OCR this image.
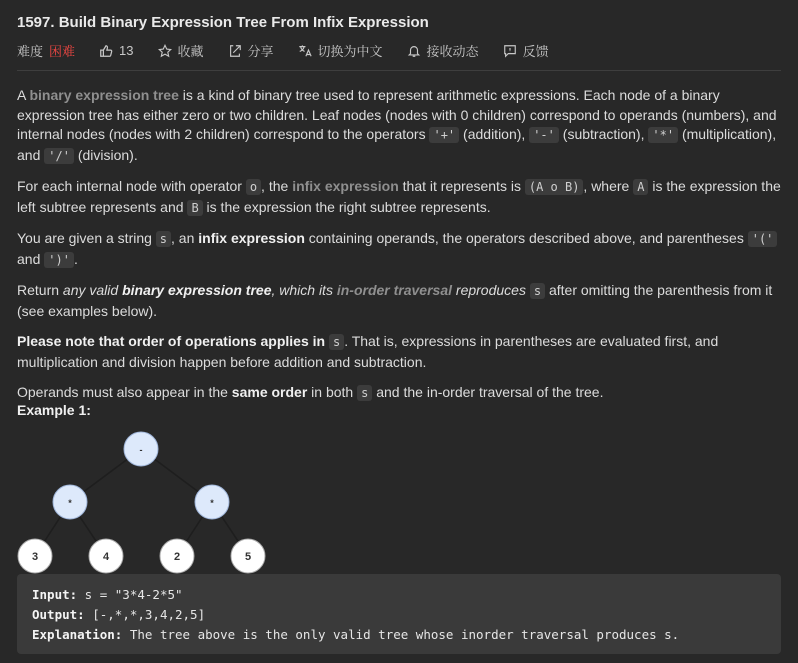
1597. Build Binary Expression Tree From Infix Expression
难度 困难	13	收藏	分享	切换为中文	接收动态	反馈

A binary expression tree is a kind of binary tree used to represent arithmetic expressions. Each node of a binary expression tree has either zero or two children. Leaf nodes (nodes with 0 children) correspond to operands (numbers), and internal nodes (nodes with 2 children) correspond to the operators '+' (addition), '-' (subtraction), '*' (multiplication), and '/' (division).

For each internal node with operator o , the infix expression that it represents is (A o B) , where A is the expression the left subtree represents and B is the expression the right subtree represents.

You are given a string s , an infix expression containing operands, the operators described above, and parentheses '(' and ')' .

Return any valid binary expression tree, which its in-order traversal reproduces s after omitting the parenthesis from it (see examples below).

Please note that order of operations applies in s . That is, expressions in parentheses are evaluated first, and multiplication and division happen before addition and subtraction.

Operands must also appear in the same order in both s and the in-order traversal of the tree.

Example 1:
-
*	*
3	4	2	5
Input: s = "3*4-2*5"
Output: [-,*,*,3,4,2,5]
Explanation: The tree above is the only valid tree whose inorder traversal produces s.
